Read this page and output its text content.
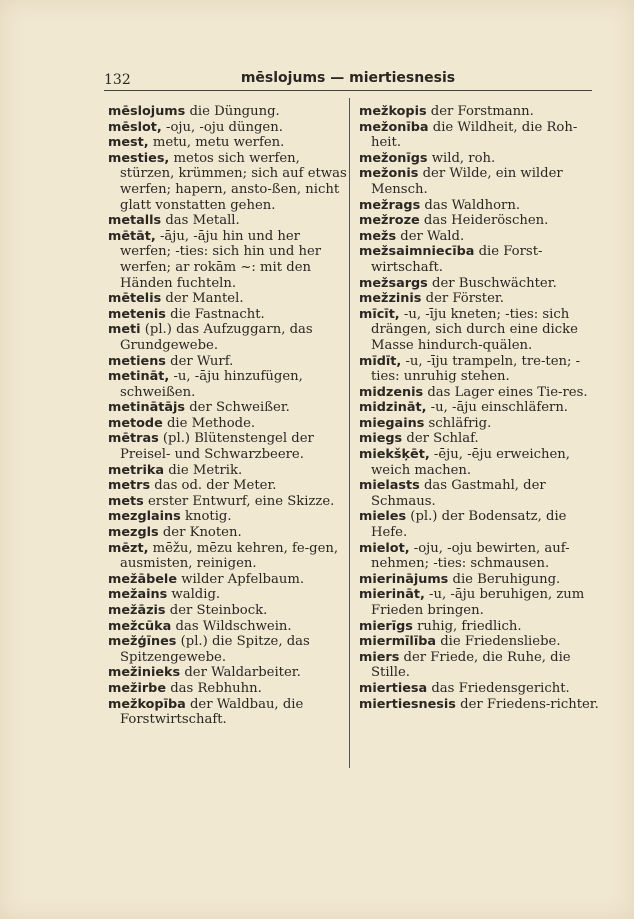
132	mēslojums — miertiesnesis

mēslojums die Düngung.

mēslot, -oju, -oju düngen.

mest, metu, metu werfen.

mesties, metos sich werfen, stürzen, krümmen; sich auf etwas werfen; hapern, ansto-ßen, nicht glatt vonstatten gehen.

metalls das Metall.

mētāt, -āju, -āju hin und her werfen; -ties: sich hin und her werfen; ar rokām ~: mit den Händen fuchteln.

mētelis der Mantel.

metenis die Fastnacht.

meti (pl.) das Aufzuggarn, das Grundgewebe.

metiens der Wurf.

metināt, -u, -āju hinzufügen, schweißen.

metinātājs der Schweißer.

metode die Methode.

mētras (pl.) Blütenstengel der Preisel- und Schwarzbeere.

metrika die Metrik.

metrs das od. der Meter.

mets erster Entwurf, eine Skizze.

mezglains knotig.

mezgls der Knoten.

mēzt, mēžu, mēzu kehren, fe-gen, ausmisten, reinigen.

mežābele wilder Apfelbaum.

mežains waldig.

mežāzis der Steinbock.

mežcūka das Wildschwein.

mežģīnes (pl.) die Spitze, das Spitzengewebe.

mežinieks der Waldarbeiter.

mežirbe das Rebhuhn.

mežkopība der Waldbau, die Forstwirtschaft.

mežkopis der Forstmann.

mežonība die Wildheit, die Roh-heit.

mežonīgs wild, roh.

mežonis der Wilde, ein wilder Mensch.

mežrags das Waldhorn.

mežroze das Heideröschen.

mežs der Wald.

mežsaimniecība die Forst-wirtschaft.

mežsargs der Buschwächter.

mežzinis der Förster.

mīcīt, -u, -īju kneten; -ties: sich drängen, sich durch eine dicke Masse hindurch-quälen.

mīdīt, -u, -īju trampeln, tre-ten; -ties: unruhig stehen.

midzenis das Lager eines Tie-res.

midzināt, -u, -āju einschläfern.

miegains schläfrig.

miegs der Schlaf.

miekšķēt, -ēju, -ēju erweichen, weich machen.

mielasts das Gastmahl, der Schmaus.

mieles (pl.) der Bodensatz, die Hefe.

mielot, -oju, -oju bewirten, auf-nehmen; -ties: schmausen.

mierinājums die Beruhigung.

mierināt, -u, -āju beruhigen, zum Frieden bringen.

mierīgs ruhig, friedlich.

miermīlība die Friedensliebe.

miers der Friede, die Ruhe, die Stille.

miertiesa das Friedensgericht.

miertiesnesis der Friedens-richter.
